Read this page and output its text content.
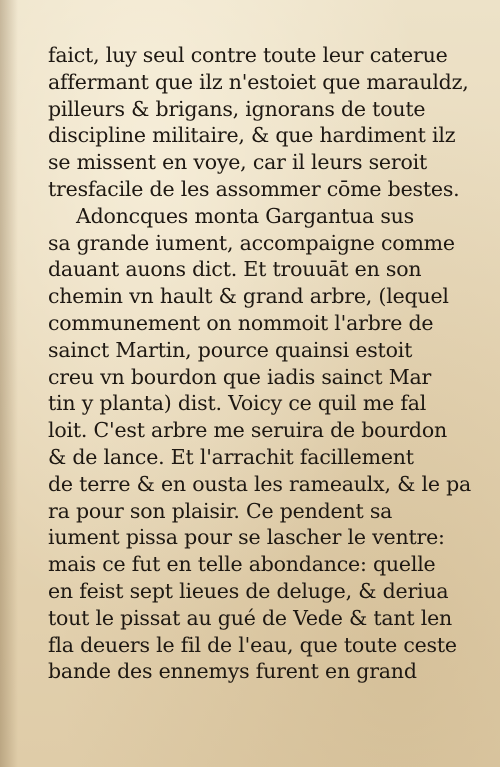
faict, luy seul contre toute leur caterue
affermant que ilz n'estoiet que marauldz,
pilleurs & brigans, ignorans de toute
discipline militaire, & que hardiment ilz
se missent en voye, car il leurs seroit
tresfacile de les assommer cōme bestes.
Adoncques monta Gargantua sus
sa grande iument, accompaigne comme
dauant auons dict. Et trouuāt en son
chemin vn hault & grand arbre, (lequel
communement on nommoit l'arbre de
sainct Martin, pource quainsi estoit
creu vn bourdon que iadis sainct Mar
tin y planta) dist. Voicy ce quil me fal
loit. C'est arbre me seruira de bourdon
& de lance. Et l'arrachit facillement
de terre & en ousta les rameaulx, & le pa
ra pour son plaisir. Ce pendent sa
iument pissa pour se lascher le ventre:
mais ce fut en telle abondance: quelle
en feist sept lieues de deluge, & deriua
tout le pissat au gué de Vede & tant len
fla deuers le fil de l'eau, que toute ceste
bande des ennemys furent en grand
